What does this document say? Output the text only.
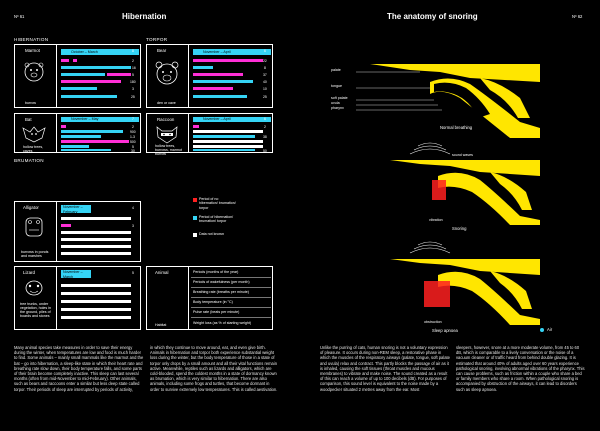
Nº 61	Hibernation
HIBERNATION	TORPOR
BRUMATION
Marmot
burrow
October – March	8
2
16
5
180
3
25
Bat
hollow trees, caves
November – May	7
2
900
1-3
500
5
30
Bear
den or cave
November – April	6
22
8
37
40
10
25
Raccoon
hollow trees, burrows, marmot burrow
November – April	6
2
38
50
Alligator
burrows in ponds and marshes
November – February
4
3
Lizard
tree trunks, under vegetation, holes in the ground, piles of boards and stones
November – March
5
Period of no hibernation/ brumation/ torpor
Period of hibernation/ brumation/ torpor
Data not known
Animal
Habitat
Periods (months of the year)
Periods of wakefulness (per month)
Breathing rate (breaths per minute)
Body temperature (in °C)
Pulse rate (beats per minute)
Weight loss (as % of starting weight)
Many animal species take measures in order to save their energy during the winter, when temperatures are low and food is much harder to find. Some animals – mainly small mammals like the marmot and the bat – go into hibernation, a sleep-like state in which their heart rate and breathing rate slow down, their body temperature falls, and some parts of their brain become completely inactive. This sleep can last several months (often from mid-November to mid-February). Other animals, such as bears and raccoons enter a similar but less deep state called torpor. Their periods of sleep are interrupted by periods of activity,
in which they continue to move around, eat, and even give birth. Animals in hibernation and torpor both experience substantial weight loss during the winter, but the body temperature of those in a state of torpor only drops by a small amount and all their vital functions remain active. Meanwhile, reptiles such as lizards and alligators, which are cold-blooded, spend the coldest months in a state of dormancy known as brumation, which is very similar to hibernation. There are also animals, including some frogs and turtles, that become dormant in order to survive extremely low temperatures. This is called aestivation.
The anatomy of snoring	Nº 62
palate
tongue
soft palate
uvula
pharynx
Normal breathing
sound waves
vibration
Snoring
obstruction
Sleep apnoea	Air
Unlike the purring of cats, human snoring is not a voluntary expression of pleasure. It occurs during non-REM sleep, a restorative phase in which the muscles of the respiratory airways (palate, tongue, soft palate and uvula) relax and contract. This partly blocks the passage of air as it is inhaled, causing the soft tissues (throat muscles and mucous membranes) to vibrate and make noise. The sound created as a result of this can reach a volume of up to 100 decibels (dB). For purposes of comparison, this sound level is equivalent to the noise made by a woodpecker situated 2 metres away from the ear. Most
sleepers, however, snore at a more moderate volume, from 45 to 60 dB, which is comparable to a lively conversation or the noise of a vacuum cleaner or of traffic heard from behind double glazing. It is estimated that around 40% of adults aged over 60 years experience pathological snoring, involving abnormal vibrations of the pharynx. This can cause problems, such as friction within a couple who share a bed or family members who share a room. When pathological snoring is accompanied by obstruction of the airways, it can lead to disorders such as sleep apnoea.
